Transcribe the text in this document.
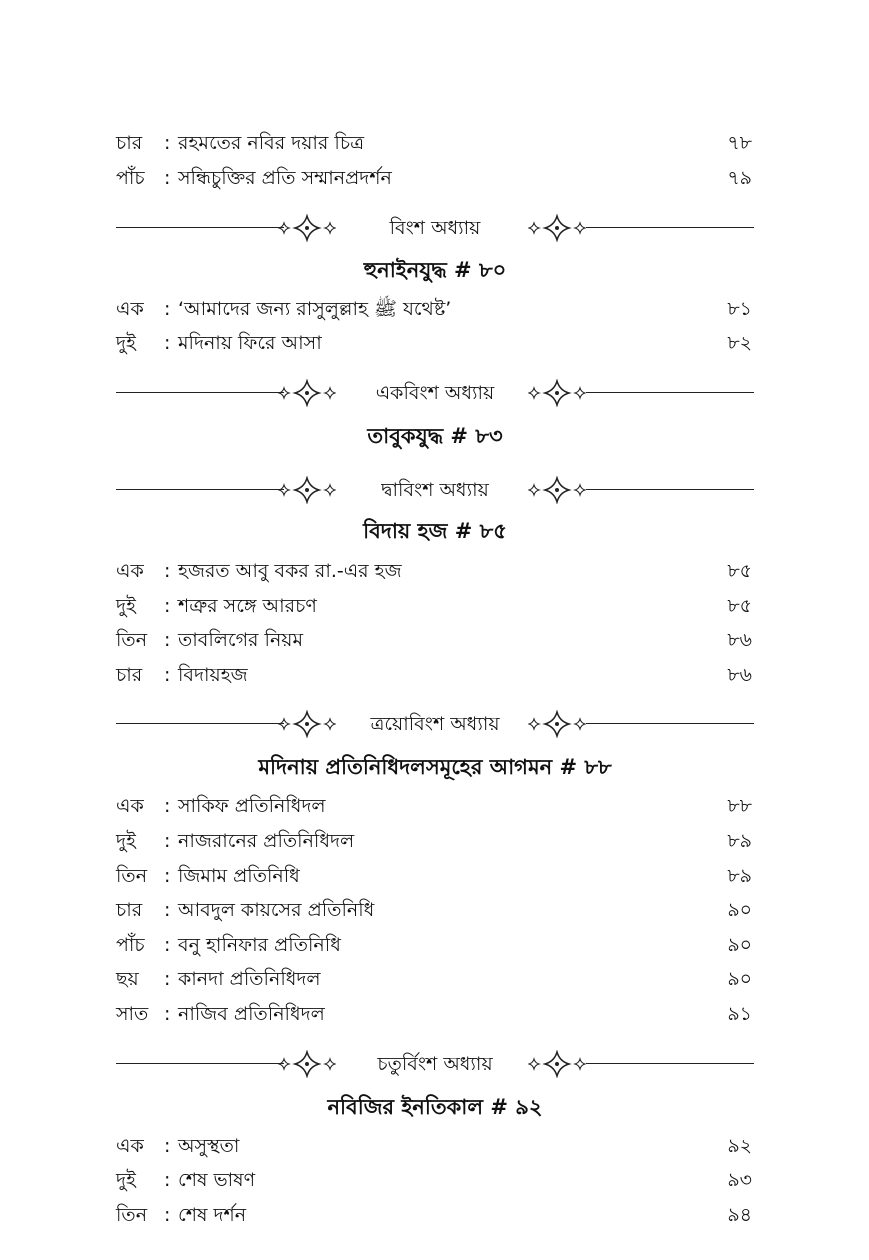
চার : রহমতের নবির দয়ার চিত্র	৭৮
পাঁচ : সন্ধিচুক্তির প্রতি সম্মানপ্রদর্শন	৭৯
বিংশ অধ্যায়
হুনাইনযুদ্ধ # ৮০
এক : ‘আমাদের জন্য রাসুলুল্লাহ ﷺ যথেষ্ট’	৮১
দুই : মদিনায় ফিরে আসা	৮২
একবিংশ অধ্যায়
তাবুকযুদ্ধ # ৮৩
দ্বাবিংশ অধ্যায়
বিদায় হজ # ৮৫
এক : হজরত আবু বকর রা.-এর হজ	৮৫
দুই : শত্রুর সঙ্গে আরচণ	৮৫
তিন : তাবলিগের নিয়ম	৮৬
চার : বিদায়হজ	৮৬
ত্রয়োবিংশ অধ্যায়
মদিনায় প্রতিনিধিদলসমূহের আগমন # ৮৮
এক : সাকিফ প্রতিনিধিদল	৮৮
দুই : নাজরানের প্রতিনিধিদল	৮৯
তিন : জিমাম প্রতিনিধি	৮৯
চার : আবদুল কায়সের প্রতিনিধি	৯০
পাঁচ : বনু হানিফার প্রতিনিধি	৯০
ছয় : কানদা প্রতিনিধিদল	৯০
সাত : নাজিব প্রতিনিধিদল	৯১
চতুর্বিংশ অধ্যায়
নবিজির ইনতিকাল # ৯২
এক : অসুস্থতা	৯২
দুই : শেষ ভাষণ	৯৩
তিন : শেষ দর্শন	৯৪
